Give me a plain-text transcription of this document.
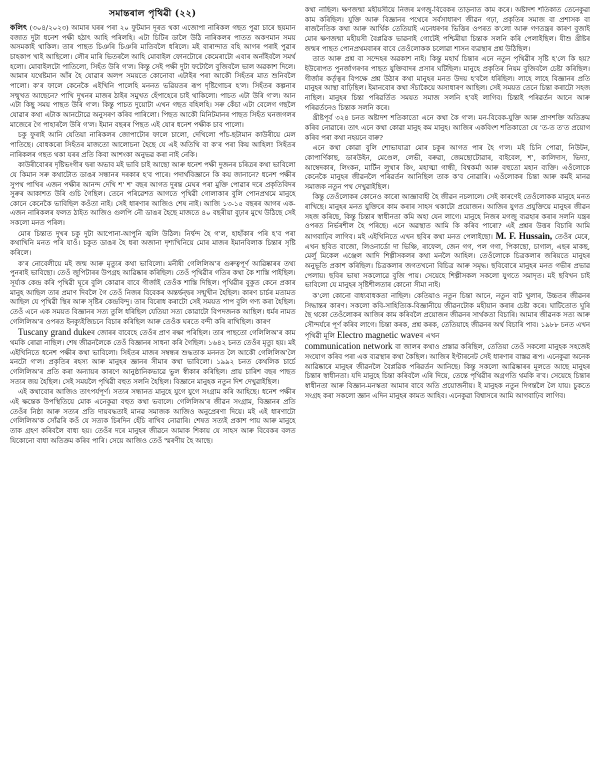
সমান্তৰাল পৃথিৱী (২২)

কলিৎ (৩০৪/২০২৩) আমাৰ ঘৰৰ পৰা ২০ ফুটমান দূৰত থকা এজোপা নাৰিকল গছত পুৱা চাৰে ছয়মান বজাত দুটা ধনেশ পক্ষী হঠাৎ আহি পৰিলহি। এটা চিটিৰ ডালৈ উঠি নাৰিকলৰ পাতত অকণমান সময় অসমকাই থাকিল। তাৰ পাছত চিঞৰি চিঞৰি মাতিবলৈ ধৰিলে। মই বাৰান্দাত বহি আগৰ পৰাই পুৱাৰ চাহকাপ খাই আছিলো। লৌৰ মাৰি ভিতৰলৈ আহি মোবাইল ফোনটোৰে কেমেৰাটো এবাৰ অনাঁইবলৈ সমৰ্থ হলো। মোবাইলটো পাতিলো, সিহঁত উৰি গ'ল। কিন্তু সেই পক্ষী দুটা ফটোলৈ বুজিবলৈ ভাল অৱকাশ দিলে। আমাৰ যথেষ্টমান আঁৰ হৈ যোৱাৰ অলপ সময়তে কোনোবা এটাইৰ পৰা আকৌ সিহঁতৰ মাত শুনিবলৈ পালো। ক'ৰ ফালে কেনেকৈ এইখিনি পালেহি মননত ভৱিয়তৰ ৰূপ দৃষ্টিগোচৰ হ'ল। সিহঁতৰ কল্পনাৰ সন্মুখত আছেনে? পাখি দুখনৰ মাজৰ ঠাইৰ সমুখত হেঁপাহেৰে চাই থাকিলো। পাচত এটা উৰি গ'ল। আন এটা কিছু সময় পাছত উৰি গ'ল। কিন্তু পাচত দুয়োটা এখন গছত বহিলহি। সৰু কেঁচা এটা বেলেগ গছলৈ যোৱাৰ কথা এটাক আনটোৱে অনুসৰণ কৰিব পাৰিলো। পিছত আকৌ মিনিটমানৰ পাছত সিহঁত ঘনজগলৰ মাজেৰে গৈ পাহাৰলৈ উৰি গ'ল। ইমান বছৰৰ পিছত এই যোৰ ধনেশ পক্ষীক চাব পালো।

চকু ফুৰাই আনি যেতিয়া নাৰিকলৰ জোপাটোৰ ফালে চালো, দেখিলো পাঁচ-ছটামান কাউৰীয়ে মেল পাতিছে। বোধকৰো সিহঁতৰ মাজতো আলোচনা হৈছে যে এই অতিথি বা ক'ৰ পৰা কিয় আহিল! সিহঁতৰ নাৰিকলৰ গছত থকা যৰৰ প্ৰতি কিবা আশংকা অনুভৱ কৰা নাই নেকি।

কাউৰীবোৰৰ দৃষ্টিভংগীৰ দ্বৰা অভাব মই ভাবি চাই আছো আৰু ধনেশ পক্ষী দুজনৰ চৰিত্ৰৰ কথা ভাবিলো যে কিমান সৰু কথাটোত ডাঙৰ সন্ধানৰ দৰকাৰ হ'ব পাৰে। পদাৰ্থবিজ্ঞানে কি কয় জানানে? ধনেশ পক্ষীৰ সুপথ পাখিৰ এজন পক্ষীৰ আনন্দ দেখি শ' শ' বছৰ আগত দুৰন্ত মেঘৰ পৰা মুক্তি পোৱাৰ দৰে প্ৰকৃতিবিদৰ সুৰুৰ আকাশত উৰি গুচি গৈছিল। তেনে পৰিৱেশত আগতে পৃথিৱী গোলাকাৰ বুলি পোনপ্ৰথমে মানুহে কোনে কেনেকৈ ভাবিছিল কওঁতা নাই। সেই ধাৰণাৰ আজিও শেষ নাই। আজি ১৩-১৫ বছৰৰ আগৰ এক-এজন নাৰিকলৰ ফলত ঠাইত আজিও গুলপি নৌ ডাঙৰ হৈছে মাজতে ৪০ বছৰীয়া বুঢ়াৰ মুখে উঠিছে সেই সকলো মনত পৰিল।

মোৰ চিন্তাত দুখৰ চকু দুটা আপোনা-আপুনি জ্বলি উঠিল। নিৰ্দ্বন্দ হৈ গ'ল, হাহাঁকাৰ পৰি হ'ব পৰা কথাখিনি মনত পৰি যাওঁ। চকুত ডাঙৰ হৈ ধৰা অজানা দৃশ্যখিনিয়ে মোৰ মাজৰ ইমানবিলাক চিন্তাৰ সৃষ্টি কৰিলে।

ক'ৰ নোবেলীয়ে মই জন্ম আৰু মৃত্যুৰ কথা ভাবিলো। মনীষী গেলিলিঅ'ৰ গুৰুত্বপূৰ্ণ আৱিষ্কাৰৰ তথ্য পুনৰাই ভাবিছো। তেওঁ জুপিটাৰৰ উপগ্ৰহ আৱিষ্কাৰ কৰিছিল। তেওঁ পৃথিৱীৰ গতিৰ কথা কৈ শাস্তি পাইছিল। সূৰ্য্যক কেন্দ্ৰ কৰি পৃথিৱী ঘূৰে বুলি কোৱাৰ বাবে গীৰ্জাই তেওঁক শাস্তি দিছিল। পৃথিৱীৰ বুকুত কেনে প্ৰকাৰ মানুহ আছিল তাৰ প্ৰমাণ দিবলৈ গৈ তেওঁ নিজৰ বিবেকৰ অন্তৰ্দ্বন্দ্বৰ সন্মুখীন হৈছিল। কাৰণ চাৰ্চৰ মতামত আছিল যে পৃথিৱী স্থিৰ আৰু সৃষ্টিৰ কেন্দ্ৰবিন্দু। তাৰ বিৰোধ কৰাটো সেই সময়ত পাপ বুলি গণ্য কৰা হৈছিল। তেওঁ এনে এক সময়ত বিজ্ঞানৰ সত্য তুলি ধৰিছিল যেতিয়া সত্য কোৱাটো বিপদজনক আছিল। ধৰ্মৰ নামত গেলিলিঅ'ৰ ওপৰত ইনক্যুইজিচনে বিচাৰ কৰিছিল আৰু তেওঁক ঘৰতে বন্দী কৰি ৰাখিছিল। কাৰণ

Tuscany grand dukeৰ জোৰৰ বাবেহে তেওঁৰ প্ৰাণ ৰক্ষা পৰিছিল। তাৰ পাছতো গেলিলিঅ'ৰ কাম থমকি ৰোৱা নাছিল। শেষ জীৱনলৈকে তেওঁ বিজ্ঞানৰ সাধনা কৰি গৈছিল। ১৬৪২ চনত তেওঁৰ মৃত্যু হয়। মই এইখিনিতে ধনেশ পক্ষীৰ কথা ভাবিলো। সিহঁতৰ মাজৰ সম্বন্ধৰ শুদ্ধতাক মননত লৈ আকৌ গেলিলিঅ'লৈ মনটো গ'ল। প্ৰকৃতিৰ ৰহস্য আৰু মানুহৰ জ্ঞানৰ সীমাৰ কথা ভাবিলো। ১৯৯২ চনত কেথলিক চাৰ্চে গেলিলিঅ'ৰ প্ৰতি কৰা অন্যায়ৰ কাৰণে আনুষ্ঠানিকভাৱে ভুল স্বীকাৰ কৰিছিল। প্ৰায় চাৰিশ বছৰ পাছত সত্যৰ জয় হৈছিল। সেই সময়লৈ পৃথিৱী বহুত সলনি হৈছিল। বিজ্ঞানে মানুহক নতুন দিশ দেখুৱাইছিল।

এই কথাবোৰ আজিও তাৎপৰ্যপূৰ্ণ। সত্যৰ সন্ধানত মানুহে যুগে যুগে সংগ্ৰাম কৰি আহিছে। ধনেশ পক্ষীৰ এই ক্ষন্তেক উপস্থিতিয়ে মোক এনেকুৱা বহুত কথা ভবালে। গেলিলিঅ'ৰ জীৱন সংগ্ৰাম, বিজ্ঞানৰ প্ৰতি তেওঁৰ নিষ্ঠা আৰু সত্যৰ প্ৰতি দায়বদ্ধতাই মানৱ সমাজক আজিও অনুপ্ৰেৰণা দিয়ে। মই এই ধাৰণাটো গেলিলিঅ'ক সোঁৱৰি কওঁ যে সত্যক চিৰদিন হেঁচি ৰাখিব নোৱাৰি। শেষত সত্যই প্ৰকাশ পায় আৰু মানুহে তাক গ্ৰহণ কৰিবলৈ বাধ্য হয়। তেওঁৰ দৰে মানুহৰ জীৱনে আমাক শিকায় যে সাহস আৰু বিবেকৰ বলত যিকোনো বাধা অতিক্ৰম কৰিব পাৰি। সেয়ে আজিও তেওঁ স্মৰণীয় হৈ আছে।

কথা নাছিল। ক্ষণজন্মা মহীয়সীয়ে নিজৰ মগজু-বিবেকৰ তাড়নাত কাম কৰে। অষ্টাদশ শতিকাত তেনেকুৱা কাম কৰিছিল। যুক্তি আৰু বিজ্ঞানৰ পথেৰে সৰ্বসাধাৰণ জীৱন গঢ়া, প্ৰকৃতিৰ সমাজ বা প্ৰশাসক বা ৰাজনৈতিক কথা আৰু আৰ্থিক তেতিয়াই এনেধৰণৰ ভিত্তিৰ ওপৰত ক'লো আৰু গণতন্ত্ৰৰ কাৰণ বুজাই মোৰ ক্ষণজন্মা মহীয়সী বৈপ্লৱিক ভাৱনাই গোটেই পশ্চিমীয়া চিন্তাক সলনি কৰি পেলাইছিল। যীশু খ্ৰীষ্টৰ জন্মৰ পাছত পোনপ্ৰথমবাৰৰ বাবে তেওঁলোকক চলোৱা শাসন ব্যৱস্থাৰ প্ৰশ্ন উঠিছিল।

তাত আৰু প্ৰশ্ন বা সন্দেহৰ অৱকাশ নাই। কিন্তু মহাৰ্ঘ চিন্তাৰ এনে নতুন পৃথিৱীৰ সৃষ্টি হ'লে কি হয়? ইউৰোপত পুনৰ্জাগৰণৰ পাছত যুক্তিবাদৰ প্ৰসাৰ ঘটিছিল। মানুহে প্ৰকৃতিৰ নিয়ম বুজিবলৈ চেষ্টা কৰিছিল। গীৰ্জাৰ কৰ্তৃত্বৰ বিপক্ষে প্ৰশ্ন উঠাৰ কথা মানুহৰ মনত উদয় হ'বলৈ ধৰিছিল। লাহে লাহে বিজ্ঞানৰ প্ৰতি মানুহৰ আস্থা বাঢ়িছিল। ইমানবোৰ কথা সঁচাকৈয়ে অসাধাৰণ আছিল। সেই সময়ত তেনে চিন্তা কৰাটো সহজ নাছিল। মানুহৰ চিন্তা পৰিৱৰ্তিত সময়ত সমাজ সলনি হ'বই লাগিব। চিন্তাই পৰিৱৰ্তন আনে আৰু পৰিৱৰ্তনেও চিন্তাক সলনি কৰে।

খ্ৰীষ্টপূৰ্ব ৩২৪ চনত অষ্টাদশ শতিকাতো এনে কথা কৈ গ'ল। মন-বিবেক-যুক্তি আৰু প্ৰাণশক্তি অতিক্ৰম কৰিব নোৱাৰে। তাৎ এনে কথা কোৱা মানুহ কম মানুহ। আজিৰ একবিংশ শতিকাতো যে 'ত-ত ত'ত প্ৰয়োগ কৰিব পৰা কথা নহয়নে বাৰু?

এনে কথা কোৱা বুলি শোভাযাত্ৰা মোৰ চকুৰ আগত পাৰ হৈ গ'ল। মই চিনি পোৱা, নিউটন, কোপাৰ্ণিকাছ, ডাৰউইন, মেণ্ডেল, লেভী, বৰুৱা, জেমছোটোৱাৰ, বাইবেল, শ', কালিদাস, ভিদ্যা, আম্বেদকাৰ, লিংকন, মাৰ্টিন লুথাৰ কিং, মহাত্মা গান্ধী, বিশ্বকৰ্মা আৰু বহুতো মহান ব্যক্তি। এওঁলোকে কেনেকৈ মানুহৰ জীৱনলৈ পৰিৱৰ্তন আনিছিল তাক ক'ব নোৱাৰি। এওঁলোকৰ চিন্তা আৰু কৰ্মই মানৱ সমাজক নতুন পথ দেখুৱাইছিল।

কিন্তু তেওঁলোকৰ কোনেও কাৰো আজ্ঞাবাহী হৈ জীৱন নচলালে। সেই কাৰণেই তেওঁলোকক মানুহে মনত ৰাখিছে। মানুহৰ মনত যুক্তিৰে কাম কৰাৰ সাহস থকাটো প্ৰয়োজন। আজিৰ যুগত প্ৰযুক্তিয়ে মানুহৰ জীৱন সহজ কৰিছে, কিন্তু চিন্তাৰ স্বাধীনতা কমি অহা যেন লাগে। মানুহে নিজৰ মগজু ব্যৱহাৰ কৰাৰ সলনি যন্ত্ৰৰ ওপৰত নিৰ্ভৰশীল হৈ পৰিছে। এনে অৱস্থাত আমি কি কৰিব পাৰো? এই প্ৰশ্নৰ উত্তৰ বিচাৰি আমি আগবাঢ়িব লাগিব। মই এইখিনিতে এখন ছবিৰ কথা মনত পেলাইছো। M. F. Hussain, তেওঁৰ মেৰে, এখন ছবিত বাজো, লিওনাৰ্ডো দা ভিঞ্চি, ৰাফেল, জেন গগ, পল গগা, পিকাছো, চাগাল, এছৰ মাকছ, মেৰ্লু মিকেল এঞ্জেল আদি শিল্পীসকলৰ কথা মনলৈ আহিল। তেওঁলোকে চিত্ৰকলাৰ জৰিয়তে মানুহৰ অনুভূতি প্ৰকাশ কৰিছিল। চিত্ৰকলাৰ জগতখনো বিচিত্ৰ আৰু সমৃদ্ধ। ছবিবোৰে মানুহৰ মনত গভীৰ প্ৰভাৱ পেলায়। ছবিৰ ভাষা সকলোৱে বুজি পায়। সেয়েহে শিল্পীসকল সকলো যুগতে সমাদৃত। মই ছবিখন চাই ভাবিলো যে মানুহৰ সৃষ্টিশীলতাৰ কোনো সীমা নাই।

ক'লো কোনো বাধ্যবাধকতা নাছিল। কেতিয়াও নতুন চিন্তা আনে, নতুন বাট খুলাৰ, উচ্চতৰ জীৱনৰ সিদ্ধান্তৰ কাৰণ। সকলো কবি-সাহিত্যিক-বিজ্ঞানীয়ে জীৱনটোক মহীয়ান কৰাৰ চেষ্টা কৰে। ঘাটিতোত ঘুৰি ছৈ থকো তেওঁলোকৰ আজিৰ কাম কৰিবলৈ প্ৰয়োজন জীৱনৰ সাৰ্থকতা বিচাৰি। আমাৰ জীৱনক সত্য আৰু সৌন্দৰ্যৰে পূৰ্ণ কৰিব লাগে। চিন্তা কৰক, প্ৰশ্ন কৰক, তেতিয়াহে জীৱনৰ অৰ্থ বিচাৰি পাব। ১৯৮৮ চনত এখন পৃথিৱী মূলি Electro magnetic waveৰ এখন

communication network বা জালৰ কথাও প্ৰস্তাৱ কৰিছিল, তেতিয়া তেওঁ সকলো মানুহক সহজেই সংযোগ কৰিব পৰা এক ব্যৱস্থাৰ কথা কৈছিল। আজিৰ ইণ্টাৰনেট সেই ধাৰণাৰ বাস্তৱ ৰূপ। এনেকুৱা অনেক আৱিষ্কাৰে মানুহৰ জীৱনলৈ বৈপ্লৱিক পৰিৱৰ্তন আনিছে। কিন্তু সকলো আৱিষ্কাৰৰ মূলতে আছে মানুহৰ চিন্তাৰ স্বাধীনতা। যদি মানুহে চিন্তা কৰিবলৈ এৰি দিয়ে, তেন্তে পৃথিৱীৰ অগ্ৰগতি থমকি ৰ'ব। সেয়েহে চিন্তাৰ স্বাধীনতা আৰু বিজ্ঞান-মনস্কতা আমাৰ বাবে অতি প্ৰয়োজনীয়। ই মানুহক নতুন দিগন্তলৈ লৈ যায়। চুকতে সংগ্ৰহ কৰা সকলো জ্ঞান এদিন মানুহৰ কামত আহিব। এনেকুৱা বিশ্বাসৰে আমি আগবাঢ়িব লাগিব।
